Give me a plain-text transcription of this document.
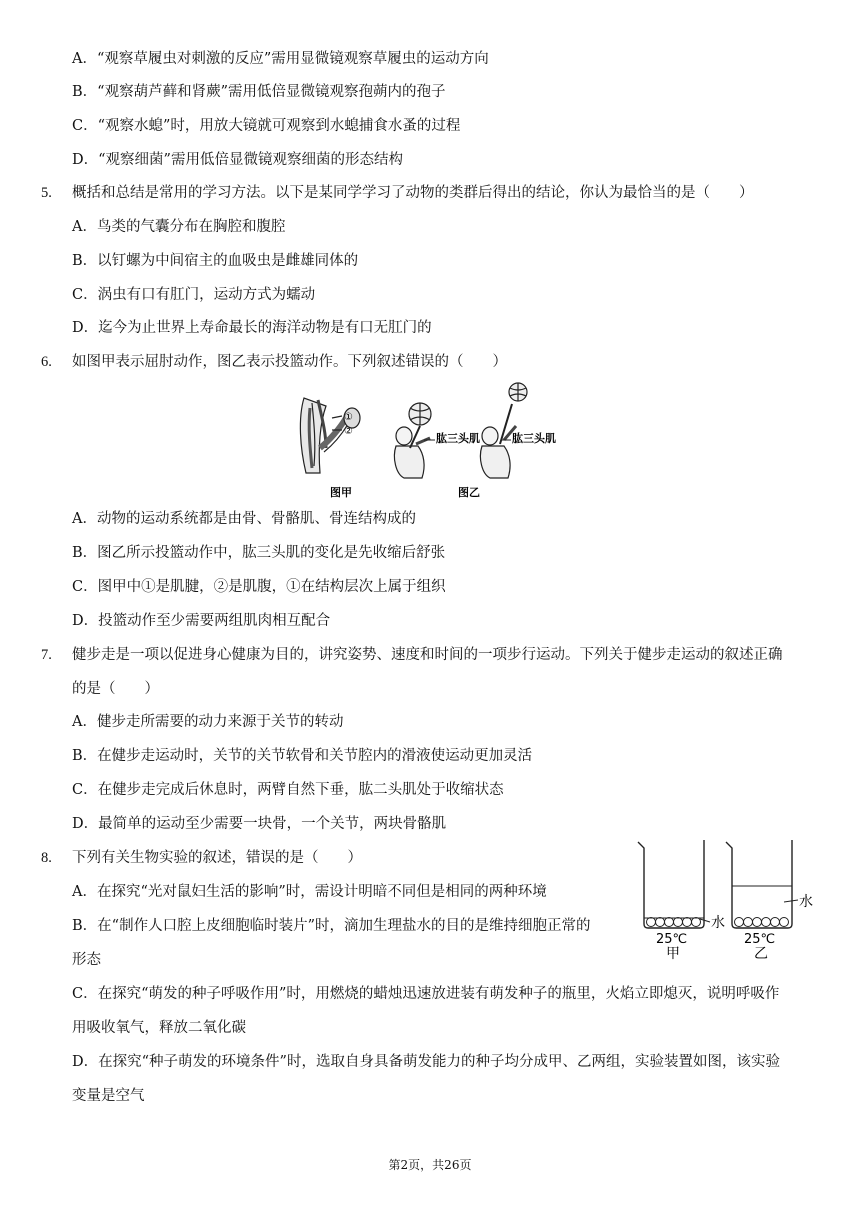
A．“观察草履虫对刺激的反应”需用显微镜观察草履虫的运动方向
B．“观察葫芦藓和肾蕨”需用低倍显微镜观察孢蒴内的孢子
C．“观察水螅”时，用放大镜就可观察到水螅捕食水蚤的过程
D．“观察细菌”需用低倍显微镜观察细菌的形态结构
5. 概括和总结是常用的学习方法。以下是某同学学习了动物的类群后得出的结论，你认为最恰当的是（　　）
A．鸟类的气囊分布在胸腔和腹腔
B．以钉螺为中间宿主的血吸虫是雌雄同体的
C．涡虫有口有肛门，运动方式为蠕动
D．迄今为止世界上寿命最长的海洋动物是有口无肛门的
6. 如图甲表示屈肘动作，图乙表示投篮动作。下列叙述错误的（　　）
①
②
肱三头肌	肱三头肌
图甲	图乙
A．动物的运动系统都是由骨、骨骼肌、骨连结构成的
B．图乙所示投篮动作中，肱三头肌的变化是先收缩后舒张
C．图甲中①是肌腱，②是肌腹，①在结构层次上属于组织
D．投篮动作至少需要两组肌肉相互配合
7. 健步走是一项以促进身心健康为目的，讲究姿势、速度和时间的一项步行运动。下列关于健步走运动的叙述正确
的是（　　）
A．健步走所需要的动力来源于关节的转动
B．在健步走运动时，关节的关节软骨和关节腔内的滑液使运动更加灵活
C．在健步走完成后休息时，两臂自然下垂，肱二头肌处于收缩状态
D．最简单的运动至少需要一块骨，一个关节，两块骨骼肌
8. 下列有关生物实验的叙述，错误的是（　　）
A．在探究“光对鼠妇生活的影响”时，需设计明暗不同但是相同的两种环境
B．在“制作人口腔上皮细胞临时装片”时，滴加生理盐水的目的是维持细胞正常的
形态
水
25℃
甲
水
25℃
乙
C．在探究“萌发的种子呼吸作用”时，用燃烧的蜡烛迅速放进装有萌发种子的瓶里，火焰立即熄灭，说明呼吸作
用吸收氧气，释放二氧化碳
D．在探究“种子萌发的环境条件”时，选取自身具备萌发能力的种子均分成甲、乙两组，实验装置如图，该实验
变量是空气
第2页，共26页
